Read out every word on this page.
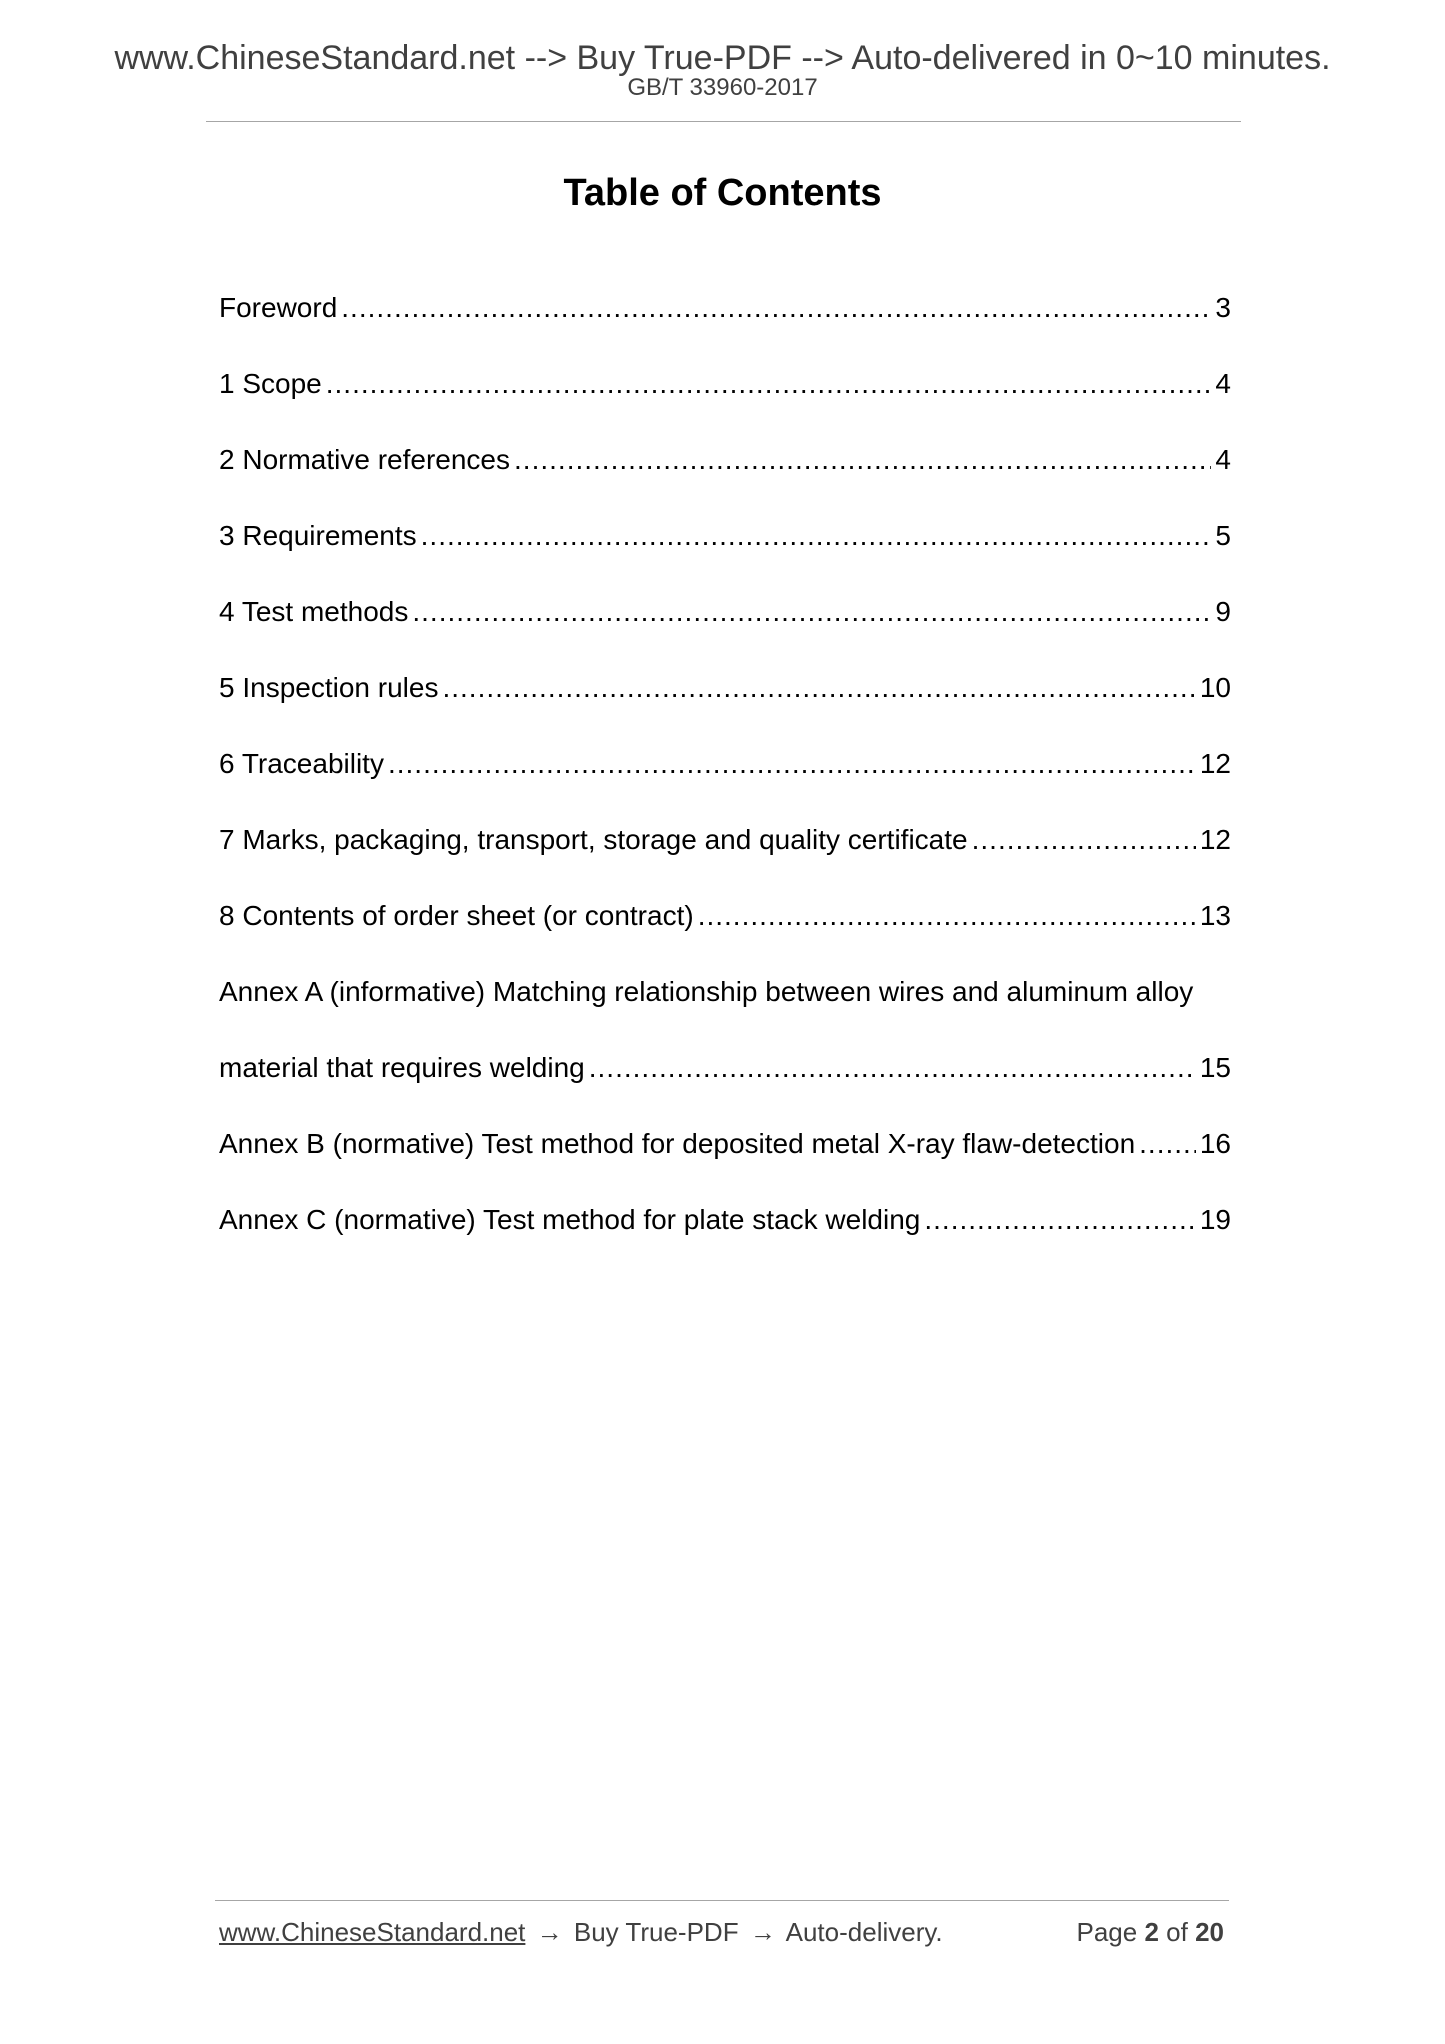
www.ChineseStandard.net --> Buy True-PDF --> Auto-delivered in 0~10 minutes.
GB/T 33960-2017
Table of Contents
Foreword .....	3
1 Scope .....	4
2 Normative references .....	4
3 Requirements .....	5
4 Test methods .....	9
5 Inspection rules .....	10
6 Traceability .....	12
7 Marks, packaging, transport, storage and quality certificate .....	12
8 Contents of order sheet (or contract) .....	13
Annex A (informative) Matching relationship between wires and aluminum alloy
material that requires welding .....	15
Annex B (normative) Test method for deposited metal X-ray flaw-detection ..... 16
Annex C (normative) Test method for plate stack welding .....	19
www.ChineseStandard.net → Buy True-PDF → Auto-delivery.	Page 2 of 20
